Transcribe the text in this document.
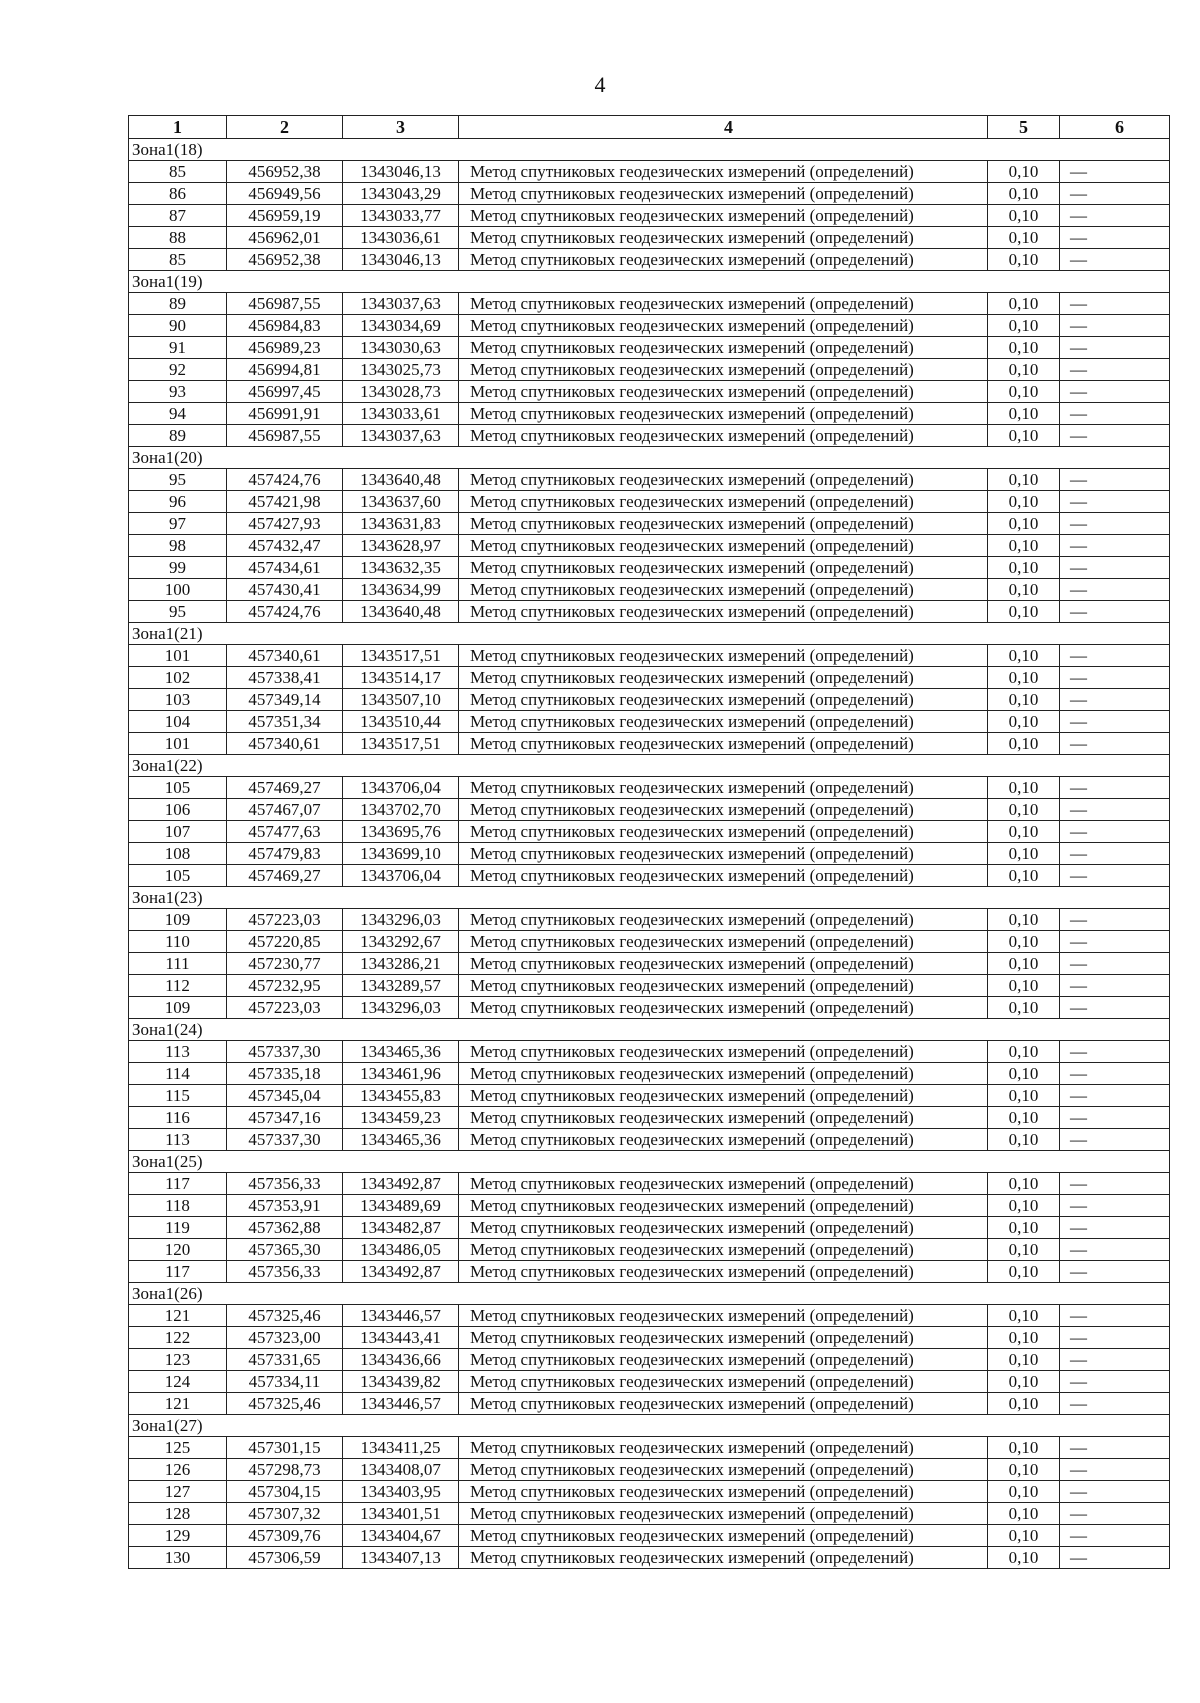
4
1	2	3	4	5	6
Зона1(18)					
85	456952,38	1343046,13	Метод спутниковых геодезических измерений (определений)	0,10	—
86	456949,56	1343043,29	Метод спутниковых геодезических измерений (определений)	0,10	—
87	456959,19	1343033,77	Метод спутниковых геодезических измерений (определений)	0,10	—
88	456962,01	1343036,61	Метод спутниковых геодезических измерений (определений)	0,10	—
85	456952,38	1343046,13	Метод спутниковых геодезических измерений (определений)	0,10	—
Зона1(19)					
89	456987,55	1343037,63	Метод спутниковых геодезических измерений (определений)	0,10	—
90	456984,83	1343034,69	Метод спутниковых геодезических измерений (определений)	0,10	—
91	456989,23	1343030,63	Метод спутниковых геодезических измерений (определений)	0,10	—
92	456994,81	1343025,73	Метод спутниковых геодезических измерений (определений)	0,10	—
93	456997,45	1343028,73	Метод спутниковых геодезических измерений (определений)	0,10	—
94	456991,91	1343033,61	Метод спутниковых геодезических измерений (определений)	0,10	—
89	456987,55	1343037,63	Метод спутниковых геодезических измерений (определений)	0,10	—
Зона1(20)					
95	457424,76	1343640,48	Метод спутниковых геодезических измерений (определений)	0,10	—
96	457421,98	1343637,60	Метод спутниковых геодезических измерений (определений)	0,10	—
97	457427,93	1343631,83	Метод спутниковых геодезических измерений (определений)	0,10	—
98	457432,47	1343628,97	Метод спутниковых геодезических измерений (определений)	0,10	—
99	457434,61	1343632,35	Метод спутниковых геодезических измерений (определений)	0,10	—
100	457430,41	1343634,99	Метод спутниковых геодезических измерений (определений)	0,10	—
95	457424,76	1343640,48	Метод спутниковых геодезических измерений (определений)	0,10	—
Зона1(21)					
101	457340,61	1343517,51	Метод спутниковых геодезических измерений (определений)	0,10	—
102	457338,41	1343514,17	Метод спутниковых геодезических измерений (определений)	0,10	—
103	457349,14	1343507,10	Метод спутниковых геодезических измерений (определений)	0,10	—
104	457351,34	1343510,44	Метод спутниковых геодезических измерений (определений)	0,10	—
101	457340,61	1343517,51	Метод спутниковых геодезических измерений (определений)	0,10	—
Зона1(22)					
105	457469,27	1343706,04	Метод спутниковых геодезических измерений (определений)	0,10	—
106	457467,07	1343702,70	Метод спутниковых геодезических измерений (определений)	0,10	—
107	457477,63	1343695,76	Метод спутниковых геодезических измерений (определений)	0,10	—
108	457479,83	1343699,10	Метод спутниковых геодезических измерений (определений)	0,10	—
105	457469,27	1343706,04	Метод спутниковых геодезических измерений (определений)	0,10	—
Зона1(23)					
109	457223,03	1343296,03	Метод спутниковых геодезических измерений (определений)	0,10	—
110	457220,85	1343292,67	Метод спутниковых геодезических измерений (определений)	0,10	—
111	457230,77	1343286,21	Метод спутниковых геодезических измерений (определений)	0,10	—
112	457232,95	1343289,57	Метод спутниковых геодезических измерений (определений)	0,10	—
109	457223,03	1343296,03	Метод спутниковых геодезических измерений (определений)	0,10	—
Зона1(24)					
113	457337,30	1343465,36	Метод спутниковых геодезических измерений (определений)	0,10	—
114	457335,18	1343461,96	Метод спутниковых геодезических измерений (определений)	0,10	—
115	457345,04	1343455,83	Метод спутниковых геодезических измерений (определений)	0,10	—
116	457347,16	1343459,23	Метод спутниковых геодезических измерений (определений)	0,10	—
113	457337,30	1343465,36	Метод спутниковых геодезических измерений (определений)	0,10	—
Зона1(25)					
117	457356,33	1343492,87	Метод спутниковых геодезических измерений (определений)	0,10	—
118	457353,91	1343489,69	Метод спутниковых геодезических измерений (определений)	0,10	—
119	457362,88	1343482,87	Метод спутниковых геодезических измерений (определений)	0,10	—
120	457365,30	1343486,05	Метод спутниковых геодезических измерений (определений)	0,10	—
117	457356,33	1343492,87	Метод спутниковых геодезических измерений (определений)	0,10	—
Зона1(26)					
121	457325,46	1343446,57	Метод спутниковых геодезических измерений (определений)	0,10	—
122	457323,00	1343443,41	Метод спутниковых геодезических измерений (определений)	0,10	—
123	457331,65	1343436,66	Метод спутниковых геодезических измерений (определений)	0,10	—
124	457334,11	1343439,82	Метод спутниковых геодезических измерений (определений)	0,10	—
121	457325,46	1343446,57	Метод спутниковых геодезических измерений (определений)	0,10	—
Зона1(27)					
125	457301,15	1343411,25	Метод спутниковых геодезических измерений (определений)	0,10	—
126	457298,73	1343408,07	Метод спутниковых геодезических измерений (определений)	0,10	—
127	457304,15	1343403,95	Метод спутниковых геодезических измерений (определений)	0,10	—
128	457307,32	1343401,51	Метод спутниковых геодезических измерений (определений)	0,10	—
129	457309,76	1343404,67	Метод спутниковых геодезических измерений (определений)	0,10	—
130	457306,59	1343407,13	Метод спутниковых геодезических измерений (определений)	0,10	—
